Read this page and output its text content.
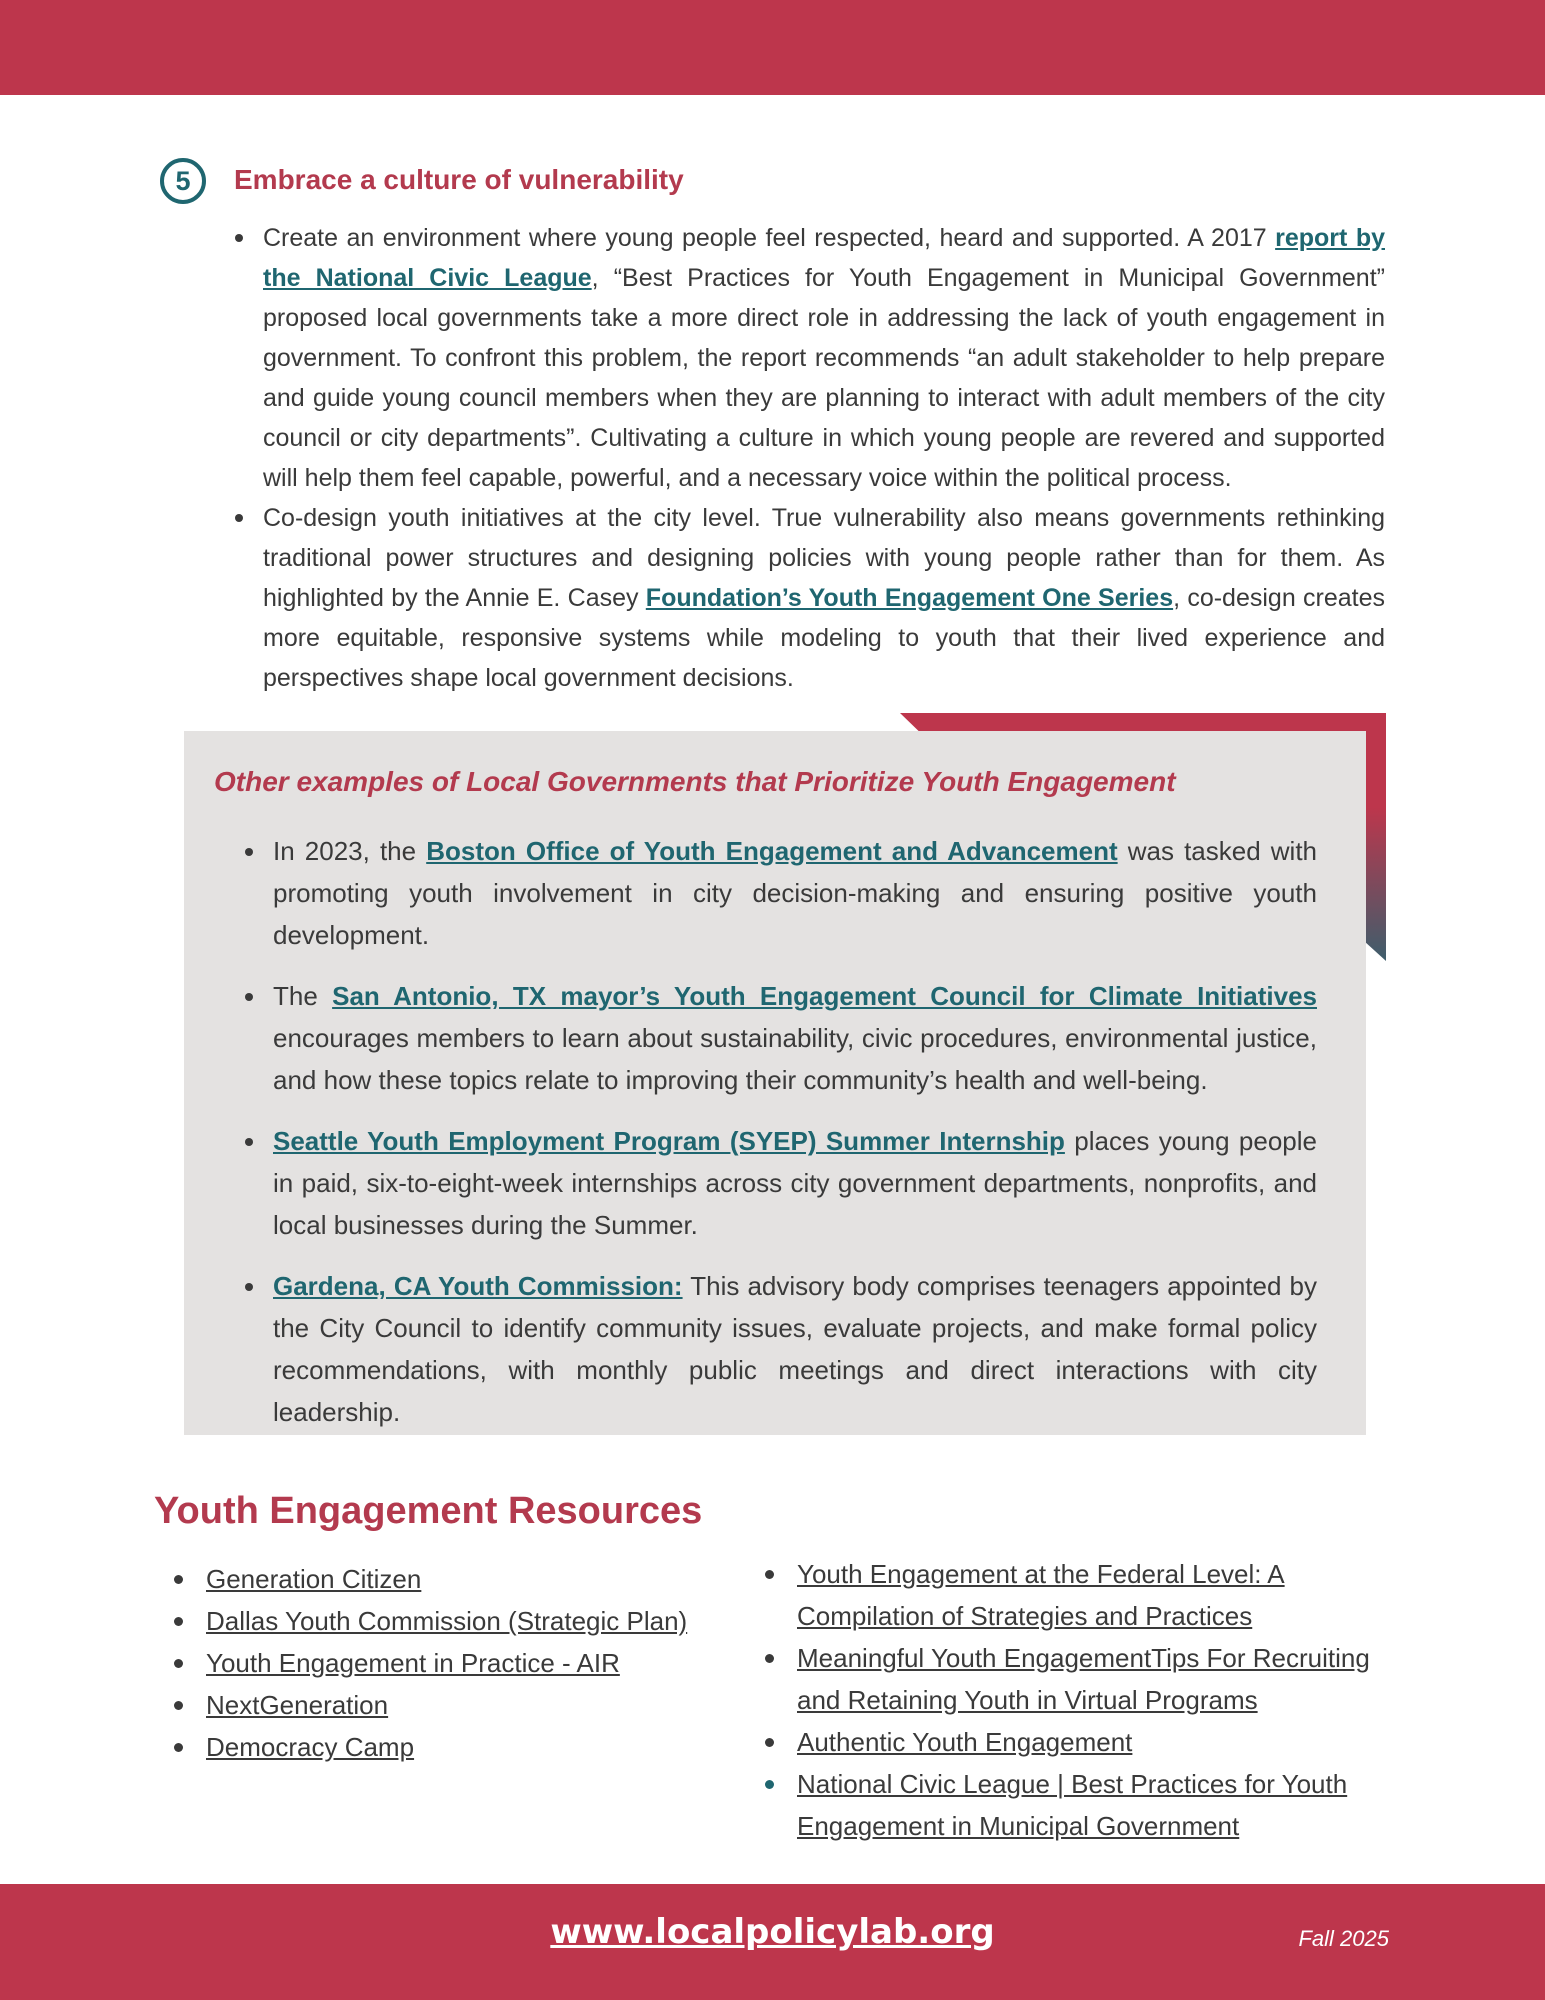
5 Embrace a culture of vulnerability
Create an environment where young people feel respected, heard and supported. A 2017 report by the National Civic League, “Best Practices for Youth Engagement in Municipal Government” proposed local governments take a more direct role in addressing the lack of youth engagement in government. To confront this problem, the report recommends “an adult stakeholder to help prepare and guide young council members when they are planning to interact with adult members of the city council or city departments”. Cultivating a culture in which young people are revered and supported will help them feel capable, powerful, and a necessary voice within the political process.
Co-design youth initiatives at the city level. True vulnerability also means governments rethinking traditional power structures and designing policies with young people rather than for them. As highlighted by the Annie E. Casey Foundation’s Youth Engagement One Series, co-design creates more equitable, responsive systems while modeling to youth that their lived experience and perspectives shape local government decisions.
Other examples of Local Governments that Prioritize Youth Engagement
In 2023, the Boston Office of Youth Engagement and Advancement was tasked with promoting youth involvement in city decision-making and ensuring positive youth development.
The San Antonio, TX mayor’s Youth Engagement Council for Climate Initiatives encourages members to learn about sustainability, civic procedures, environmental justice, and how these topics relate to improving their community’s health and well-being.
Seattle Youth Employment Program (SYEP) Summer Internship places young people in paid, six-to-eight-week internships across city government departments, nonprofits, and local businesses during the Summer.
Gardena, CA Youth Commission: This advisory body comprises teenagers appointed by the City Council to identify community issues, evaluate projects, and make formal policy recommendations, with monthly public meetings and direct interactions with city leadership.
Youth Engagement Resources
Generation Citizen
Dallas Youth Commission (Strategic Plan)
Youth Engagement in Practice - AIR
NextGeneration
Democracy Camp
Youth Engagement at the Federal Level: A Compilation of Strategies and Practices
Meaningful Youth EngagementTips For Recruiting and Retaining Youth in Virtual Programs
Authentic Youth Engagement
National Civic League | Best Practices for Youth Engagement in Municipal Government
www.localpolicylab.org	Fall 2025
